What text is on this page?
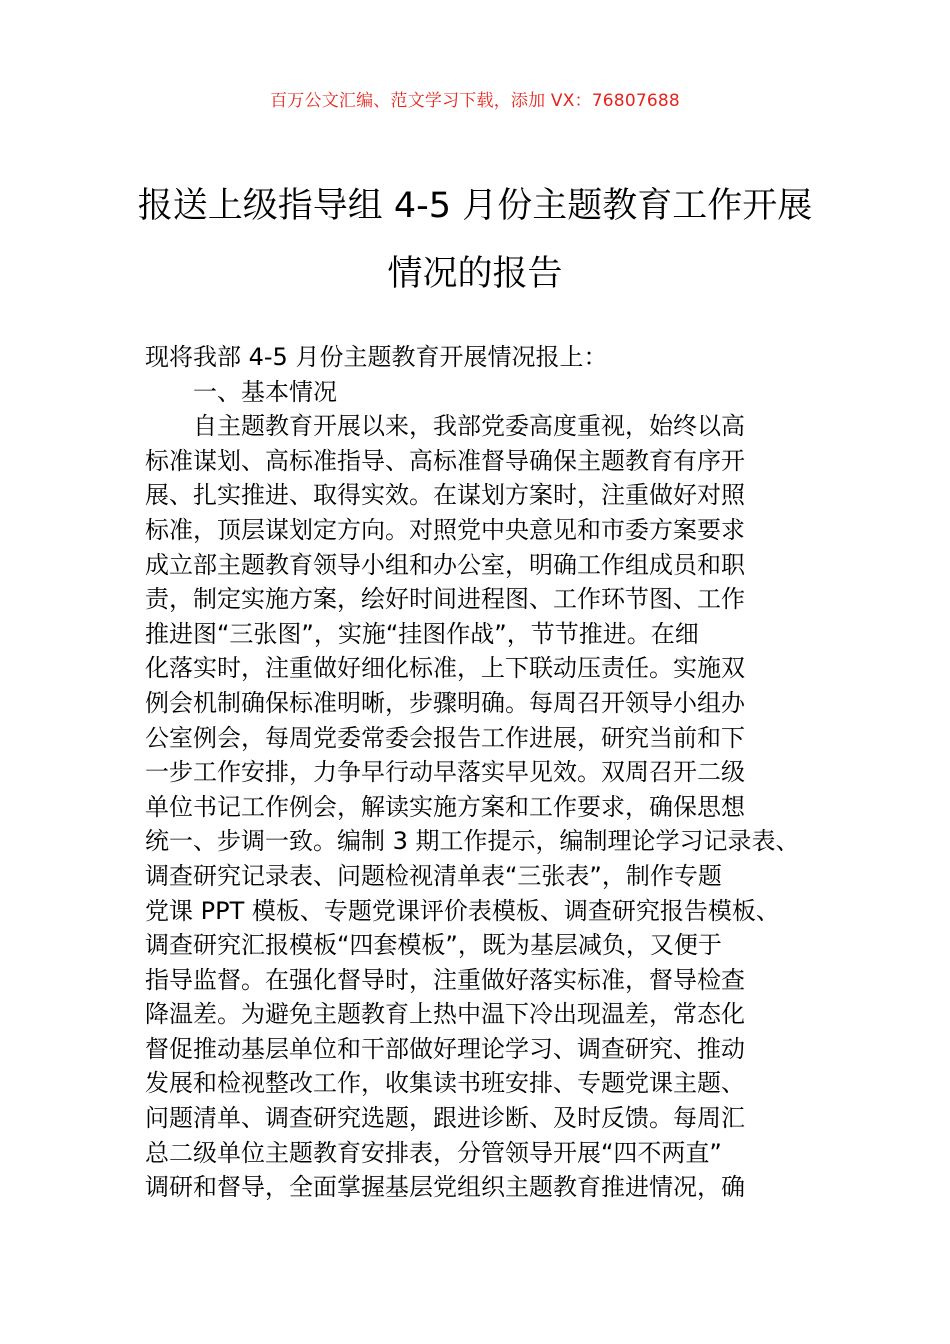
百万公文汇编、范文学习下载，添加 VX：76807688
报送上级指导组 4-5 月份主题教育工作开展
情况的报告
现将我部 4-5 月份主题教育开展情况报上：
一、基本情况
自主题教育开展以来，我部党委高度重视，始终以高
标准谋划、高标准指导、高标准督导确保主题教育有序开
展、扎实推进、取得实效。在谋划方案时，注重做好对照
标准，顶层谋划定方向。对照党中央意见和市委方案要求
成立部主题教育领导小组和办公室，明确工作组成员和职
责，制定实施方案，绘好时间进程图、工作环节图、工作
推进图“三张图”，实施“挂图作战”，节节推进。在细
化落实时，注重做好细化标准，上下联动压责任。实施双
例会机制确保标准明晰，步骤明确。每周召开领导小组办
公室例会，每周党委常委会报告工作进展，研究当前和下
一步工作安排，力争早行动早落实早见效。双周召开二级
单位书记工作例会，解读实施方案和工作要求，确保思想
统一、步调一致。编制 3 期工作提示，编制理论学习记录表、
调查研究记录表、问题检视清单表“三张表”，制作专题
党课 PPT 模板、专题党课评价表模板、调查研究报告模板、
调查研究汇报模板“四套模板”，既为基层减负，又便于
指导监督。在强化督导时，注重做好落实标准，督导检查
降温差。为避免主题教育上热中温下冷出现温差，常态化
督促推动基层单位和干部做好理论学习、调查研究、推动
发展和检视整改工作，收集读书班安排、专题党课主题、
问题清单、调查研究选题，跟进诊断、及时反馈。每周汇
总二级单位主题教育安排表，分管领导开展“四不两直”
调研和督导，全面掌握基层党组织主题教育推进情况，确
